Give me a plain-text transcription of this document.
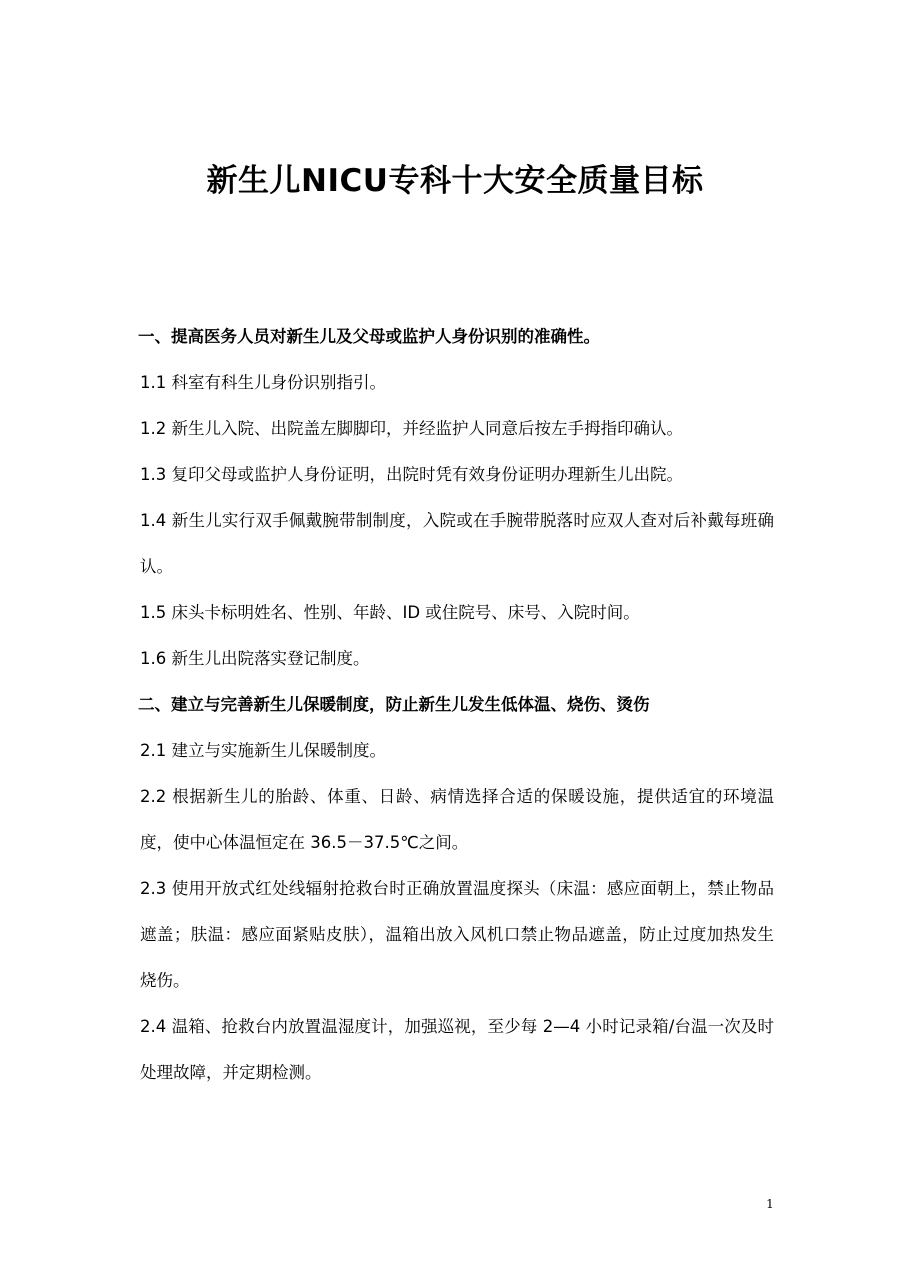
新生儿NICU专科十大安全质量目标

一、提高医务人员对新生儿及父母或监护人身份识别的准确性。

1.1 科室有科生儿身份识别指引。

1.2 新生儿入院、出院盖左脚脚印，并经监护人同意后按左手拇指印确认。

1.3 复印父母或监护人身份证明，出院时凭有效身份证明办理新生儿出院。

1.4 新生儿实行双手佩戴腕带制制度，入院或在手腕带脱落时应双人查对后补戴每班确认。

1.5 床头卡标明姓名、性别、年龄、ID 或住院号、床号、入院时间。

1.6 新生儿出院落实登记制度。

二、建立与完善新生儿保暖制度，防止新生儿发生低体温、烧伤、烫伤

2.1 建立与实施新生儿保暖制度。

2.2 根据新生儿的胎龄、体重、日龄、病情选择合适的保暖设施，提供适宜的环境温度，使中心体温恒定在 36.5－37.5℃之间。

2.3 使用开放式红处线辐射抢救台时正确放置温度探头（床温：感应面朝上，禁止物品遮盖；肤温：感应面紧贴皮肤），温箱出放入风机口禁止物品遮盖，防止过度加热发生烧伤。

2.4 温箱、抢救台内放置温湿度计，加强巡视，至少每 2—4 小时记录箱/台温一次及时处理故障，并定期检测。

1
